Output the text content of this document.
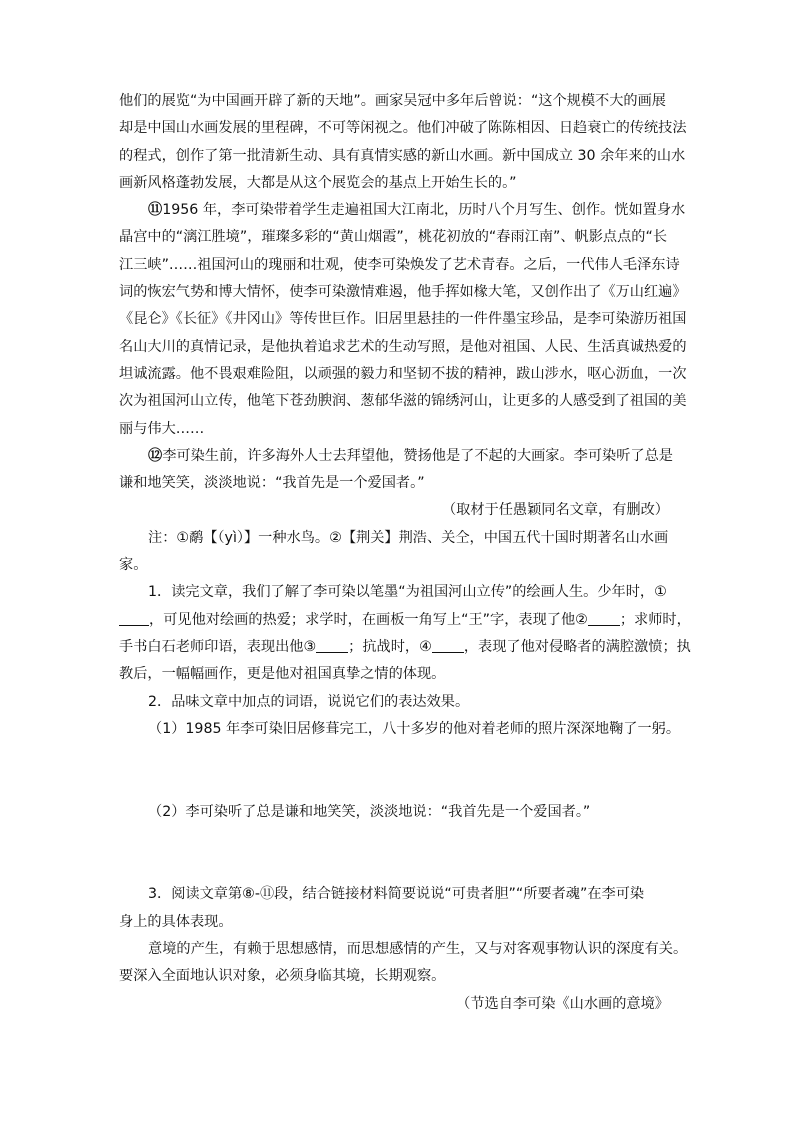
他们的展览“为中国画开辟了新的天地”。画家吴冠中多年后曾说：“这个规模不大的画展

却是中国山水画发展的里程碑，不可等闲视之。他们冲破了陈陈相因、日趋衰亡的传统技法

的程式，创作了第一批清新生动、具有真情实感的新山水画。新中国成立 30 余年来的山水

画新风格蓬勃发展，大都是从这个展览会的基点上开始生长的。”

⑪1956 年，李可染带着学生走遍祖国大江南北，历时八个月写生、创作。恍如置身水

晶宫中的“漓江胜境”，璀璨多彩的“黄山烟霞”，桃花初放的“春雨江南”、帆影点点的“长

江三峡”……祖国河山的瑰丽和壮观，使李可染焕发了艺术青春。之后，一代伟人毛泽东诗

词的恢宏气势和博大情怀，使李可染激情难遏，他手挥如椽大笔，又创作出了《万山红遍》

《昆仑》《长征》《井冈山》等传世巨作。旧居里悬挂的一件件墨宝珍品，是李可染游历祖国

名山大川的真情记录，是他执着追求艺术的生动写照，是他对祖国、人民、生活真诚热爱的

坦诚流露。他不畏艰难险阻，以顽强的毅力和坚韧不拔的精神，跋山涉水，呕心沥血，一次

次为祖国河山立传，他笔下苍劲腴润、葱郁华滋的锦绣河山，让更多的人感受到了祖国的美

丽与伟大……

⑫李可染生前，许多海外人士去拜望他，赞扬他是了不起的大画家。李可染听了总是

谦和地笑笑，淡淡地说：“我首先是一个爱国者。”

（取材于任愚颖同名文章，有删改）

注：①鹬【（yì）】一种水鸟。②【荆关】荆浩、关仝，中国五代十国时期著名山水画

家。

1．读完文章，我们了解了李可染以笔墨“为祖国河山立传”的绘画人生。少年时，①

，可见他对绘画的热爱；求学时，在画板一角写上“王”字，表现了他② ；求师时，

手书白石老师印语，表现出他③ ；抗战时，④ ，表现了他对侵略者的满腔激愤；执

教后，一幅幅画作，更是他对祖国真挚之情的体现。

2．品味文章中加点的词语，说说它们的表达效果。

（1）1985 年李可染旧居修葺完工，八十多岁的他对着老师的照片深深地鞠了一躬。

（2）李可染听了总是谦和地笑笑，淡淡地说：“我首先是一个爱国者。”

3．阅读文章第⑧-⑪段，结合链接材料简要说说“可贵者胆”“所要者魂”在李可染

身上的具体表现。

意境的产生，有赖于思想感情，而思想感情的产生，又与对客观事物认识的深度有关。

要深入全面地认识对象，必须身临其境，长期观察。

（节选自李可染《山水画的意境》
